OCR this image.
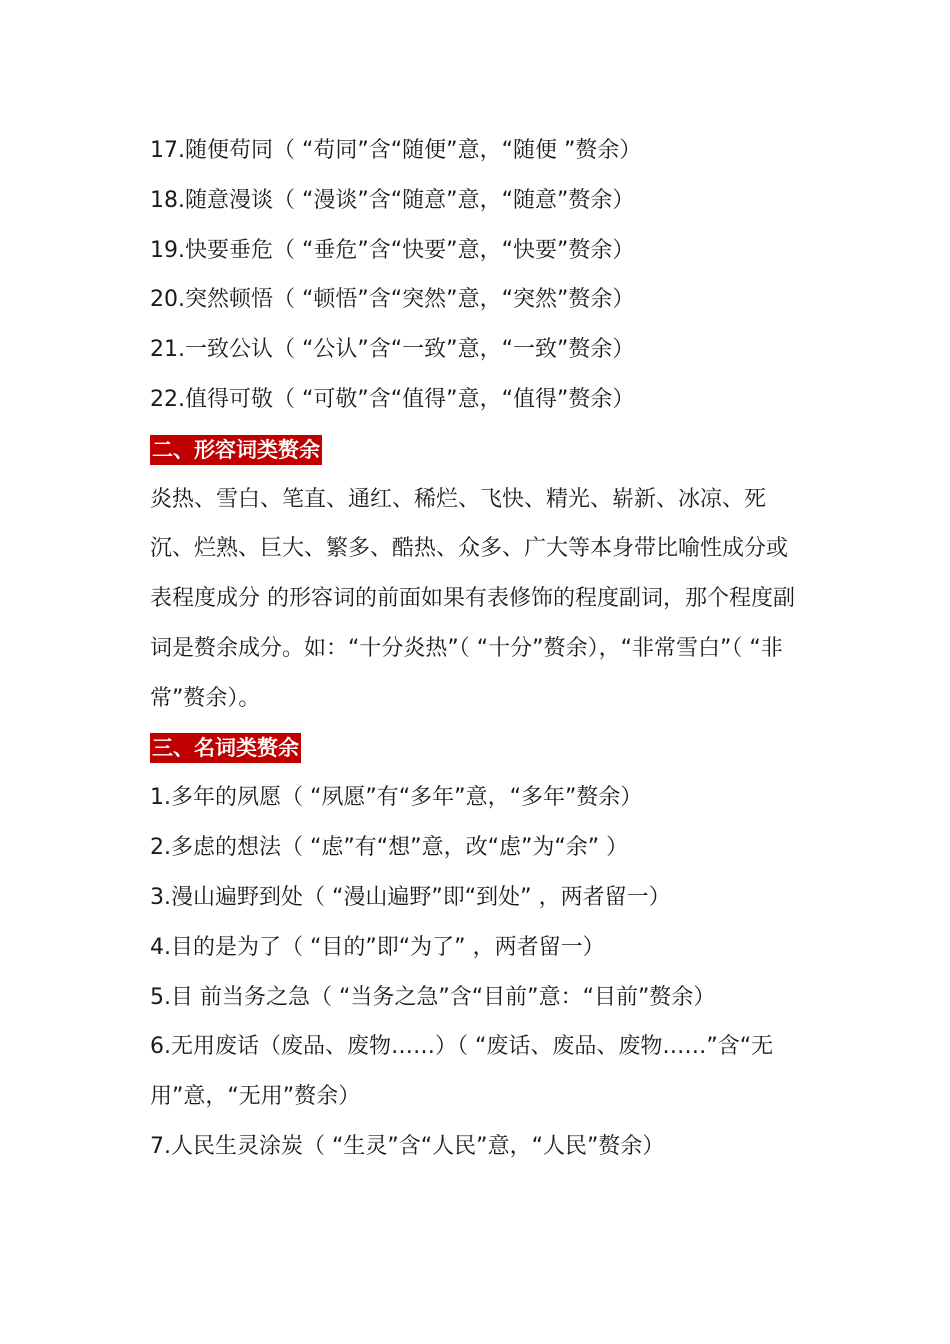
17.随便苟同（ “苟同”含“随便”意，“随便 ”赘余）
18.随意漫谈（ “漫谈”含“随意”意，“随意”赘余）
19.快要垂危（ “垂危”含“快要”意，“快要”赘余）
20.突然顿悟（ “顿悟”含“突然”意，“突然”赘余）
21.一致公认（ “公认”含“一致”意，“一致”赘余）
22.值得可敬（ “可敬”含“值得”意，“值得”赘余）
二、形容词类赘余
炎热、雪白、笔直、通红、稀烂、飞快、精光、崭新、冰凉、死沉、烂熟、巨大、繁多、酷热、众多、广大等本身带比喻性成分或表程度成分 的形容词的前面如果有表修饰的程度副词，那个程度副词是赘余成分。如：“十分炎热”（ “十分”赘余），“非常雪白”（ “非常”赘余）。
三、名词类赘余
1.多年的夙愿（ “夙愿”有“多年”意，“多年”赘余）
2.多虑的想法（ “虑”有“想”意，改“虑”为“余” ）
3.漫山遍野到处（ “漫山遍野”即“到处” ，两者留一）
4.目的是为了（ “目的”即“为了” ，两者留一）
5.目 前当务之急（ “当务之急”含“目前”意：“目前”赘余）
6.无用废话（废品、废物……）（ “废话、废品、废物……”含“无用”意，“无用”赘余）
7.人民生灵涂炭（ “生灵”含“人民”意，“人民”赘余）
